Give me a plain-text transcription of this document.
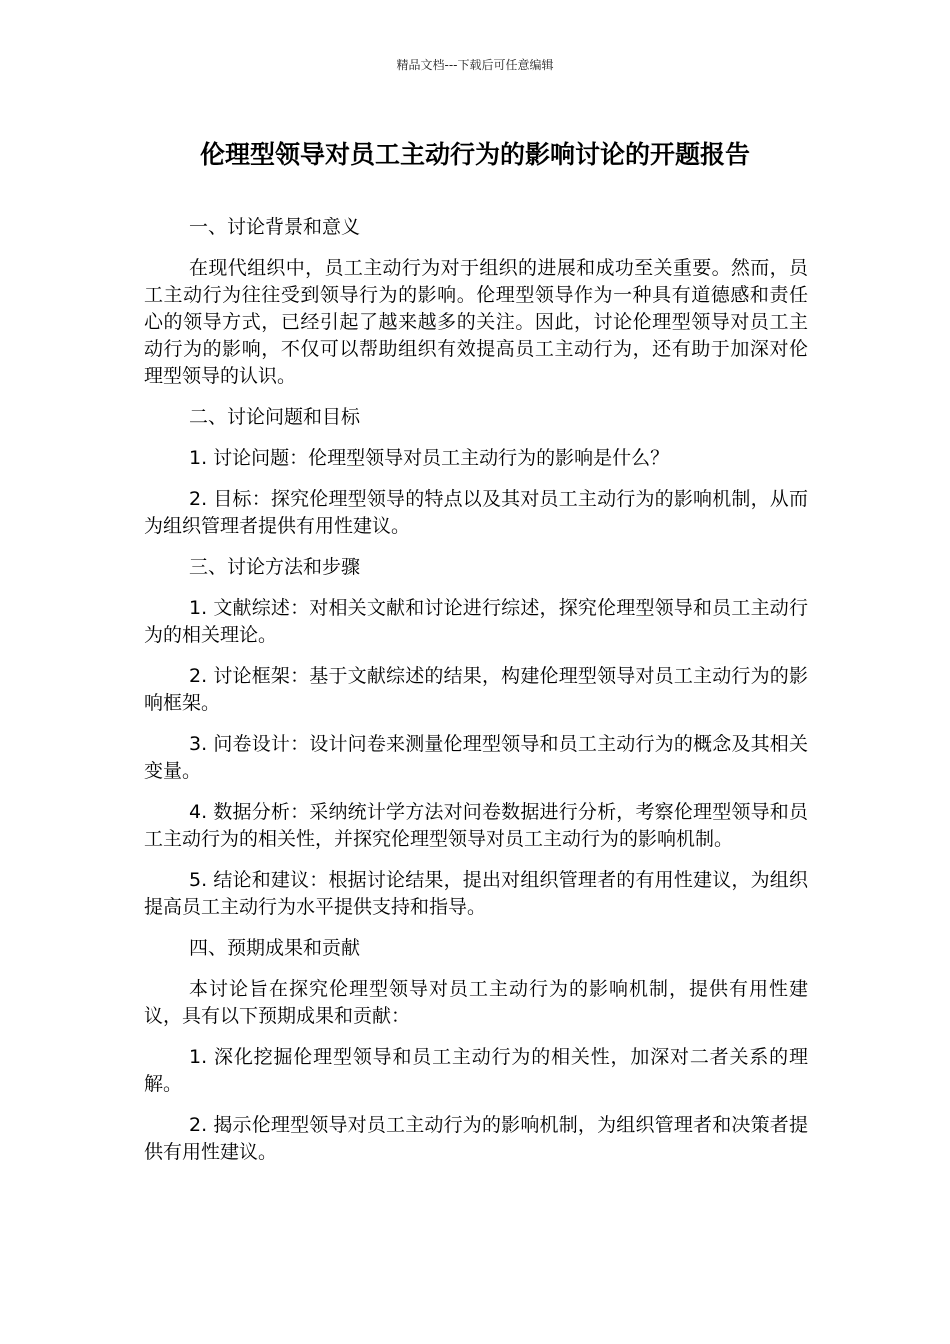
精品文档---下载后可任意编辑
伦理型领导对员工主动行为的影响讨论的开题报告
一、讨论背景和意义

在现代组织中，员工主动行为对于组织的进展和成功至关重要。然而，员工主动行为往往受到领导行为的影响。伦理型领导作为一种具有道德感和责任心的领导方式，已经引起了越来越多的关注。因此，讨论伦理型领导对员工主动行为的影响，不仅可以帮助组织有效提高员工主动行为，还有助于加深对伦理型领导的认识。

二、讨论问题和目标

1. 讨论问题：伦理型领导对员工主动行为的影响是什么？

2. 目标：探究伦理型领导的特点以及其对员工主动行为的影响机制，从而为组织管理者提供有用性建议。

三、讨论方法和步骤

1. 文献综述：对相关文献和讨论进行综述，探究伦理型领导和员工主动行为的相关理论。

2. 讨论框架：基于文献综述的结果，构建伦理型领导对员工主动行为的影响框架。

3. 问卷设计：设计问卷来测量伦理型领导和员工主动行为的概念及其相关变量。

4. 数据分析：采纳统计学方法对问卷数据进行分析，考察伦理型领导和员工主动行为的相关性，并探究伦理型领导对员工主动行为的影响机制。

5. 结论和建议：根据讨论结果，提出对组织管理者的有用性建议，为组织提高员工主动行为水平提供支持和指导。

四、预期成果和贡献

本讨论旨在探究伦理型领导对员工主动行为的影响机制，提供有用性建议，具有以下预期成果和贡献：

1. 深化挖掘伦理型领导和员工主动行为的相关性，加深对二者关系的理解。

2. 揭示伦理型领导对员工主动行为的影响机制，为组织管理者和决策者提供有用性建议。
